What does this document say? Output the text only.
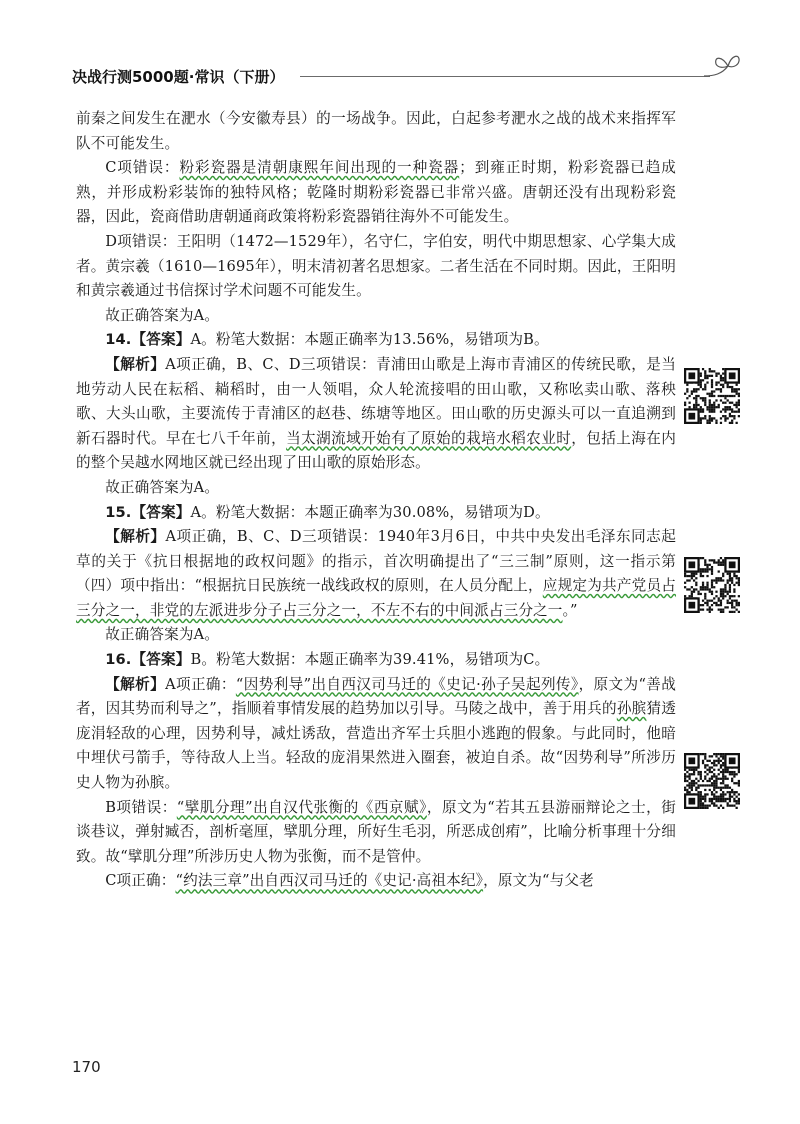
决战行测5000题·常识（下册）

前秦之间发生在淝水（今安徽寿县）的一场战争。因此，白起参考淝水之战的战术来指挥军队不可能发生。

C项错误：粉彩瓷器是清朝康熙年间出现的一种瓷器；到雍正时期，粉彩瓷器已趋成熟，并形成粉彩装饰的独特风格；乾隆时期粉彩瓷器已非常兴盛。唐朝还没有出现粉彩瓷器，因此，瓷商借助唐朝通商政策将粉彩瓷器销往海外不可能发生。

D项错误：王阳明（1472—1529年），名守仁，字伯安，明代中期思想家、心学集大成者。黄宗羲（1610—1695年），明末清初著名思想家。二者生活在不同时期。因此，王阳明和黄宗羲通过书信探讨学术问题不可能发生。

故正确答案为A。

14.【答案】A。粉笔大数据：本题正确率为13.56%，易错项为B。

【解析】A项正确，B、C、D三项错误：青浦田山歌是上海市青浦区的传统民歌，是当地劳动人民在耘稻、耥稻时，由一人领唱，众人轮流接唱的田山歌，又称吆卖山歌、落秧歌、大头山歌，主要流传于青浦区的赵巷、练塘等地区。田山歌的历史源头可以一直追溯到新石器时代。早在七八千年前，当太湖流域开始有了原始的栽培水稻农业时，包括上海在内的整个吴越水网地区就已经出现了田山歌的原始形态。

故正确答案为A。

15.【答案】A。粉笔大数据：本题正确率为30.08%，易错项为D。

【解析】A项正确，B、C、D三项错误：1940年3月6日，中共中央发出毛泽东同志起草的关于《抗日根据地的政权问题》的指示，首次明确提出了“三三制”原则，这一指示第（四）项中指出：“根据抗日民族统一战线政权的原则，在人员分配上，应规定为共产党员占三分之一，非党的左派进步分子占三分之一，不左不右的中间派占三分之一。”

故正确答案为A。

16.【答案】B。粉笔大数据：本题正确率为39.41%，易错项为C。

【解析】A项正确：“因势利导”出自西汉司马迁的《史记·孙子吴起列传》，原文为“善战者，因其势而利导之”，指顺着事情发展的趋势加以引导。马陵之战中，善于用兵的孙膑猜透庞涓轻敌的心理，因势利导，减灶诱敌，营造出齐军士兵胆小逃跑的假象。与此同时，他暗中埋伏弓箭手，等待敌人上当。轻敌的庞涓果然进入圈套，被迫自杀。故“因势利导”所涉历史人物为孙膑。

B项错误：“擘肌分理”出自汉代张衡的《西京赋》，原文为“若其五县游丽辩论之士，街谈巷议，弹射臧否，剖析毫厘，擘肌分理，所好生毛羽，所恶成创痏”，比喻分析事理十分细致。故“擘肌分理”所涉历史人物为张衡，而不是管仲。

C项正确：“约法三章”出自西汉司马迁的《史记·高祖本纪》，原文为“与父老

170
